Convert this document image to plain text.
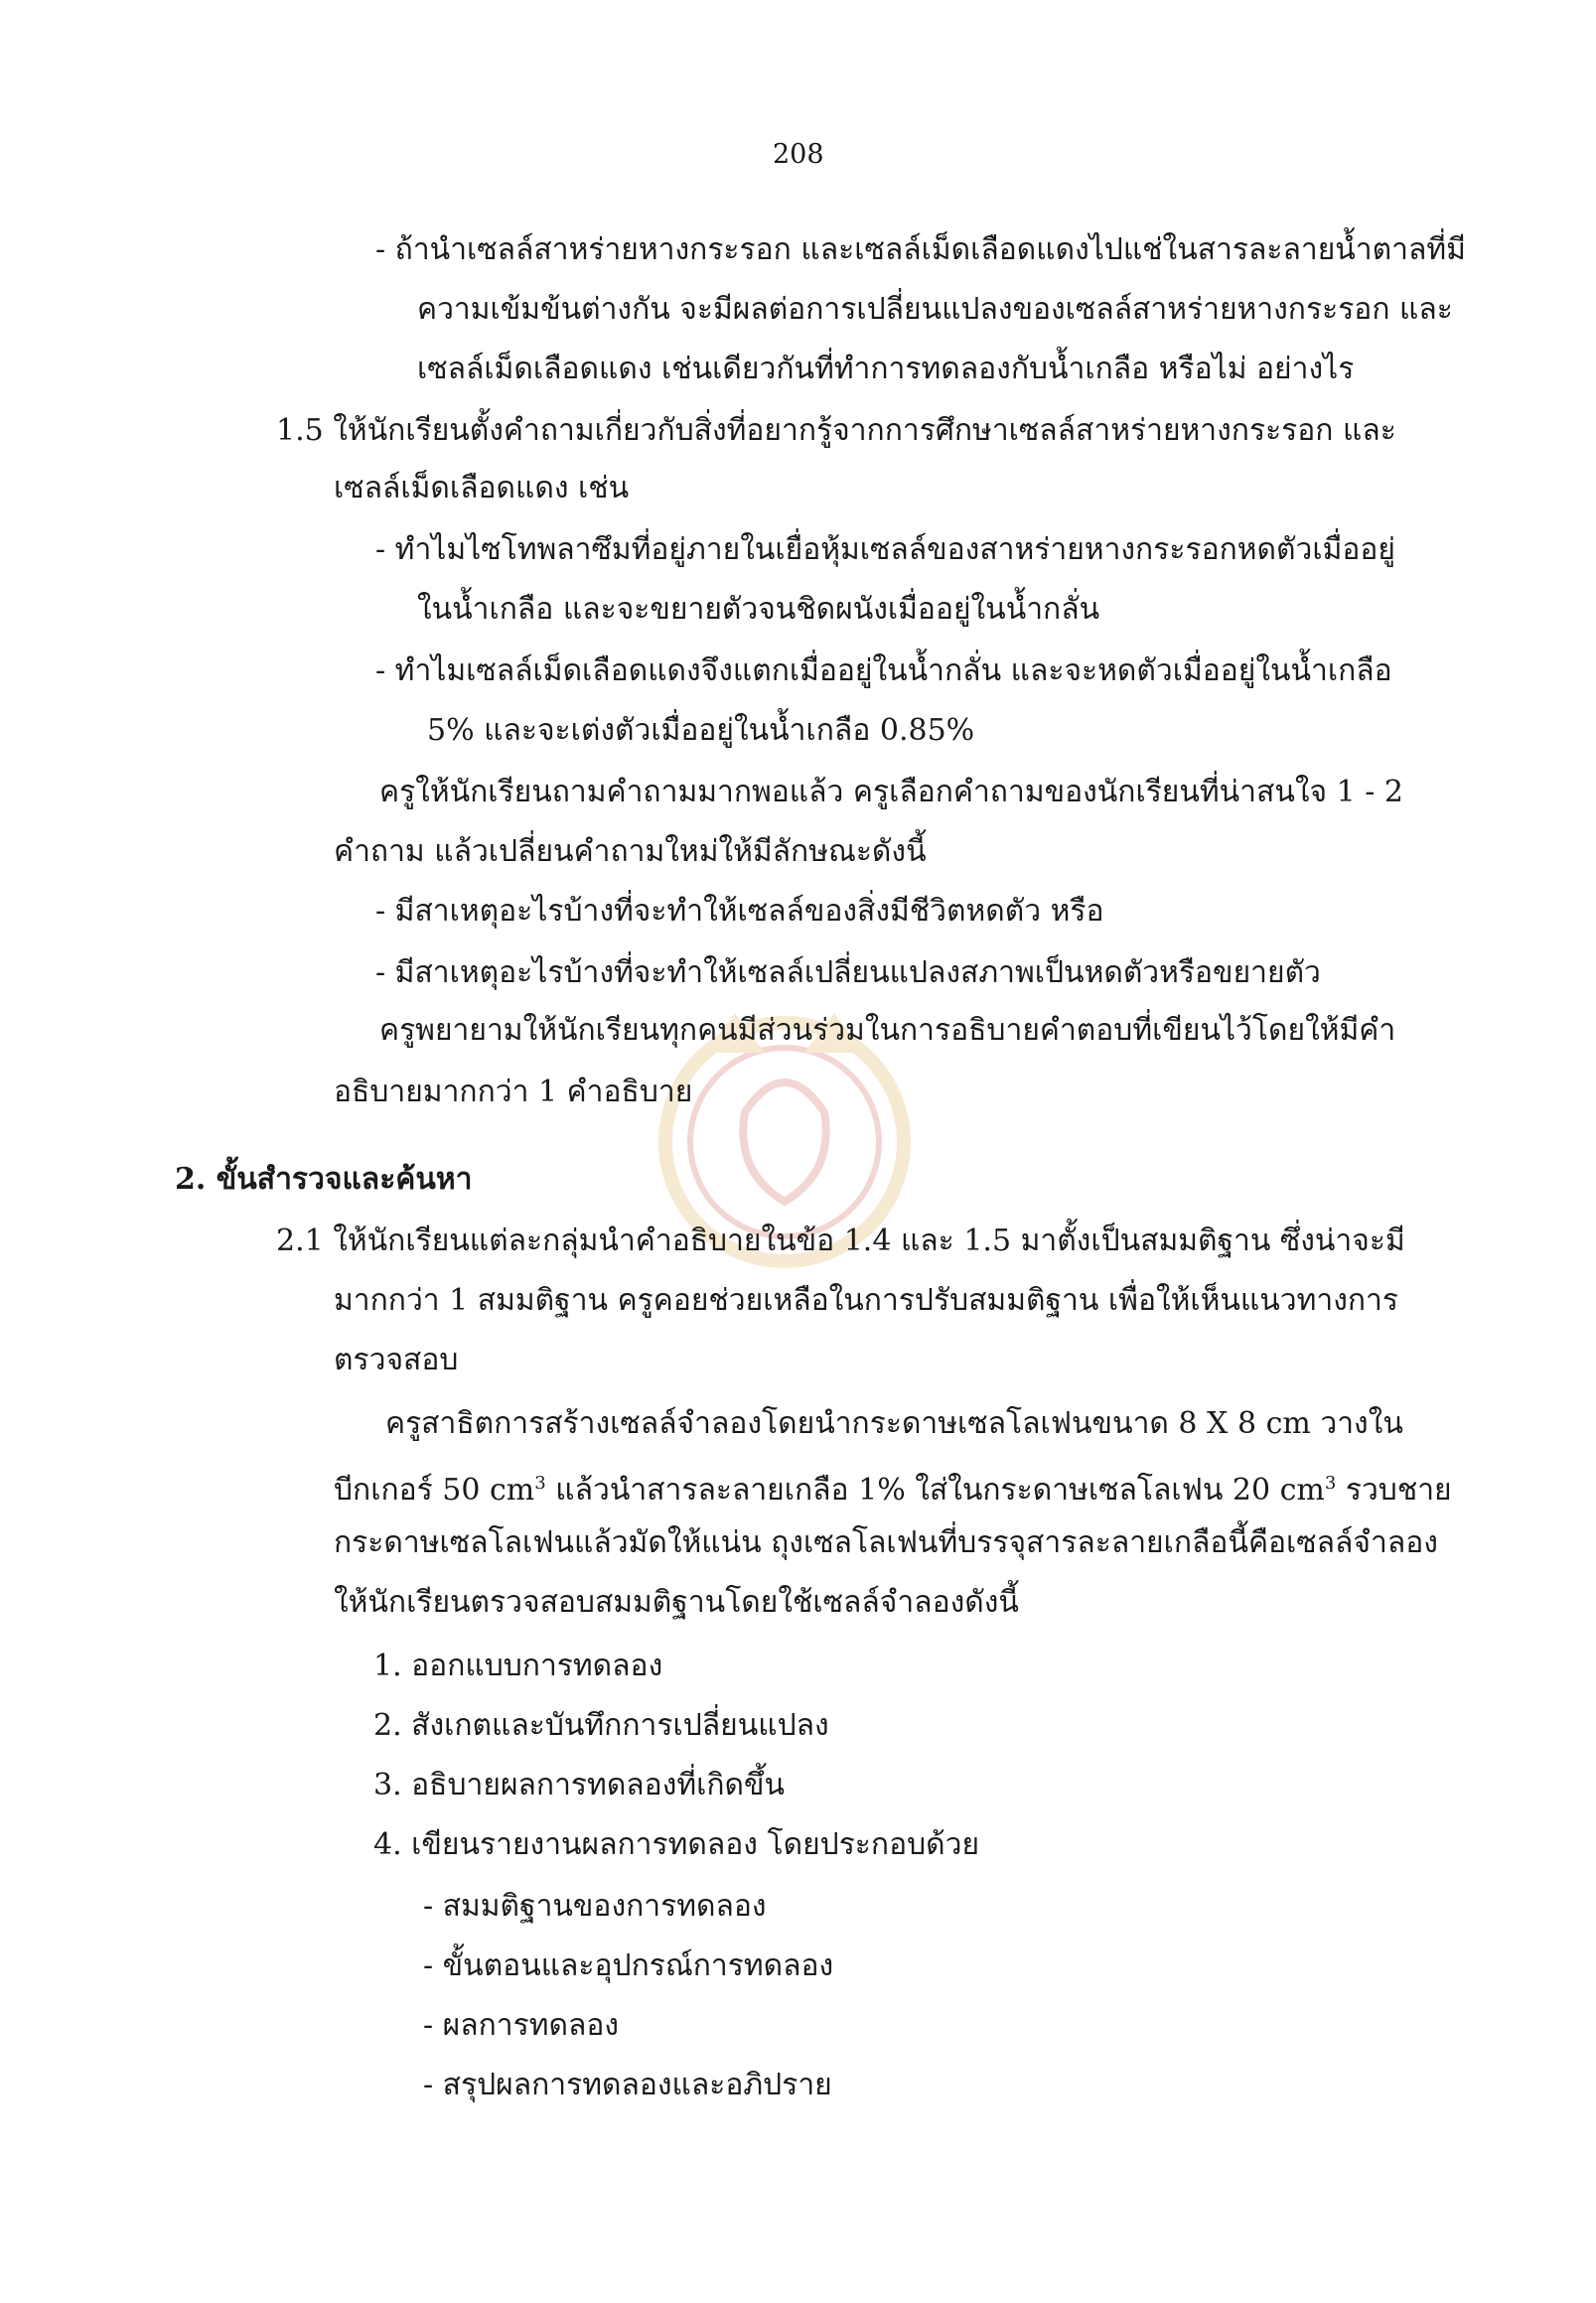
208
- ถ้านำเซลล์สาหร่ายหางกระรอก และเซลล์เม็ดเลือดแดงไปแช่ในสารละลายน้ำตาลที่มี
ความเข้มข้นต่างกัน จะมีผลต่อการเปลี่ยนแปลงของเซลล์สาหร่ายหางกระรอก และ
เซลล์เม็ดเลือดแดง เช่นเดียวกันที่ทำการทดลองกับน้ำเกลือ หรือไม่ อย่างไร
1.5 ให้นักเรียนตั้งคำถามเกี่ยวกับสิ่งที่อยากรู้จากการศึกษาเซลล์สาหร่ายหางกระรอก และ
เซลล์เม็ดเลือดแดง เช่น
- ทำไมไซโทพลาซึมที่อยู่ภายในเยื่อหุ้มเซลล์ของสาหร่ายหางกระรอกหดตัวเมื่ออยู่
ในน้ำเกลือ และจะขยายตัวจนชิดผนังเมื่ออยู่ในน้ำกลั่น
- ทำไมเซลล์เม็ดเลือดแดงจึงแตกเมื่ออยู่ในน้ำกลั่น และจะหดตัวเมื่ออยู่ในน้ำเกลือ
5% และจะเต่งตัวเมื่ออยู่ในน้ำเกลือ 0.85%
ครูให้นักเรียนถามคำถามมากพอแล้ว ครูเลือกคำถามของนักเรียนที่น่าสนใจ 1 - 2
คำถาม แล้วเปลี่ยนคำถามใหม่ให้มีลักษณะดังนี้
- มีสาเหตุอะไรบ้างที่จะทำให้เซลล์ของสิ่งมีชีวิตหดตัว หรือ
- มีสาเหตุอะไรบ้างที่จะทำให้เซลล์เปลี่ยนแปลงสภาพเป็นหดตัวหรือขยายตัว
ครูพยายามให้นักเรียนทุกคนมีส่วนร่วมในการอธิบายคำตอบที่เขียนไว้โดยให้มีคำ
อธิบายมากกว่า 1 คำอธิบาย
2. ขั้นสำรวจและค้นหา
2.1 ให้นักเรียนแต่ละกลุ่มนำคำอธิบายในข้อ 1.4 และ 1.5 มาตั้งเป็นสมมติฐาน ซึ่งน่าจะมี
มากกว่า 1 สมมติฐาน ครูคอยช่วยเหลือในการปรับสมมติฐาน เพื่อให้เห็นแนวทางการ
ตรวจสอบ
ครูสาธิตการสร้างเซลล์จำลองโดยนำกระดาษเซลโลเฟนขนาด 8 X 8 cm วางใน
บีกเกอร์ 50 $cm^3$ แล้วนำสารละลายเกลือ 1% ใส่ในกระดาษเซลโลเฟน 20 $cm^3$ รวบชาย
กระดาษเซลโลเฟนแล้วมัดให้แน่น ถุงเซลโลเฟนที่บรรจุสารละลายเกลือนี้คือเซลล์จำลอง
ให้นักเรียนตรวจสอบสมมติฐานโดยใช้เซลล์จำลองดังนี้
1. ออกแบบการทดลอง
2. สังเกตและบันทึกการเปลี่ยนแปลง
3. อธิบายผลการทดลองที่เกิดขึ้น
4. เขียนรายงานผลการทดลอง โดยประกอบด้วย
- สมมติฐานของการทดลอง
- ขั้นตอนและอุปกรณ์การทดลอง
- ผลการทดลอง
- สรุปผลการทดลองและอภิปราย
